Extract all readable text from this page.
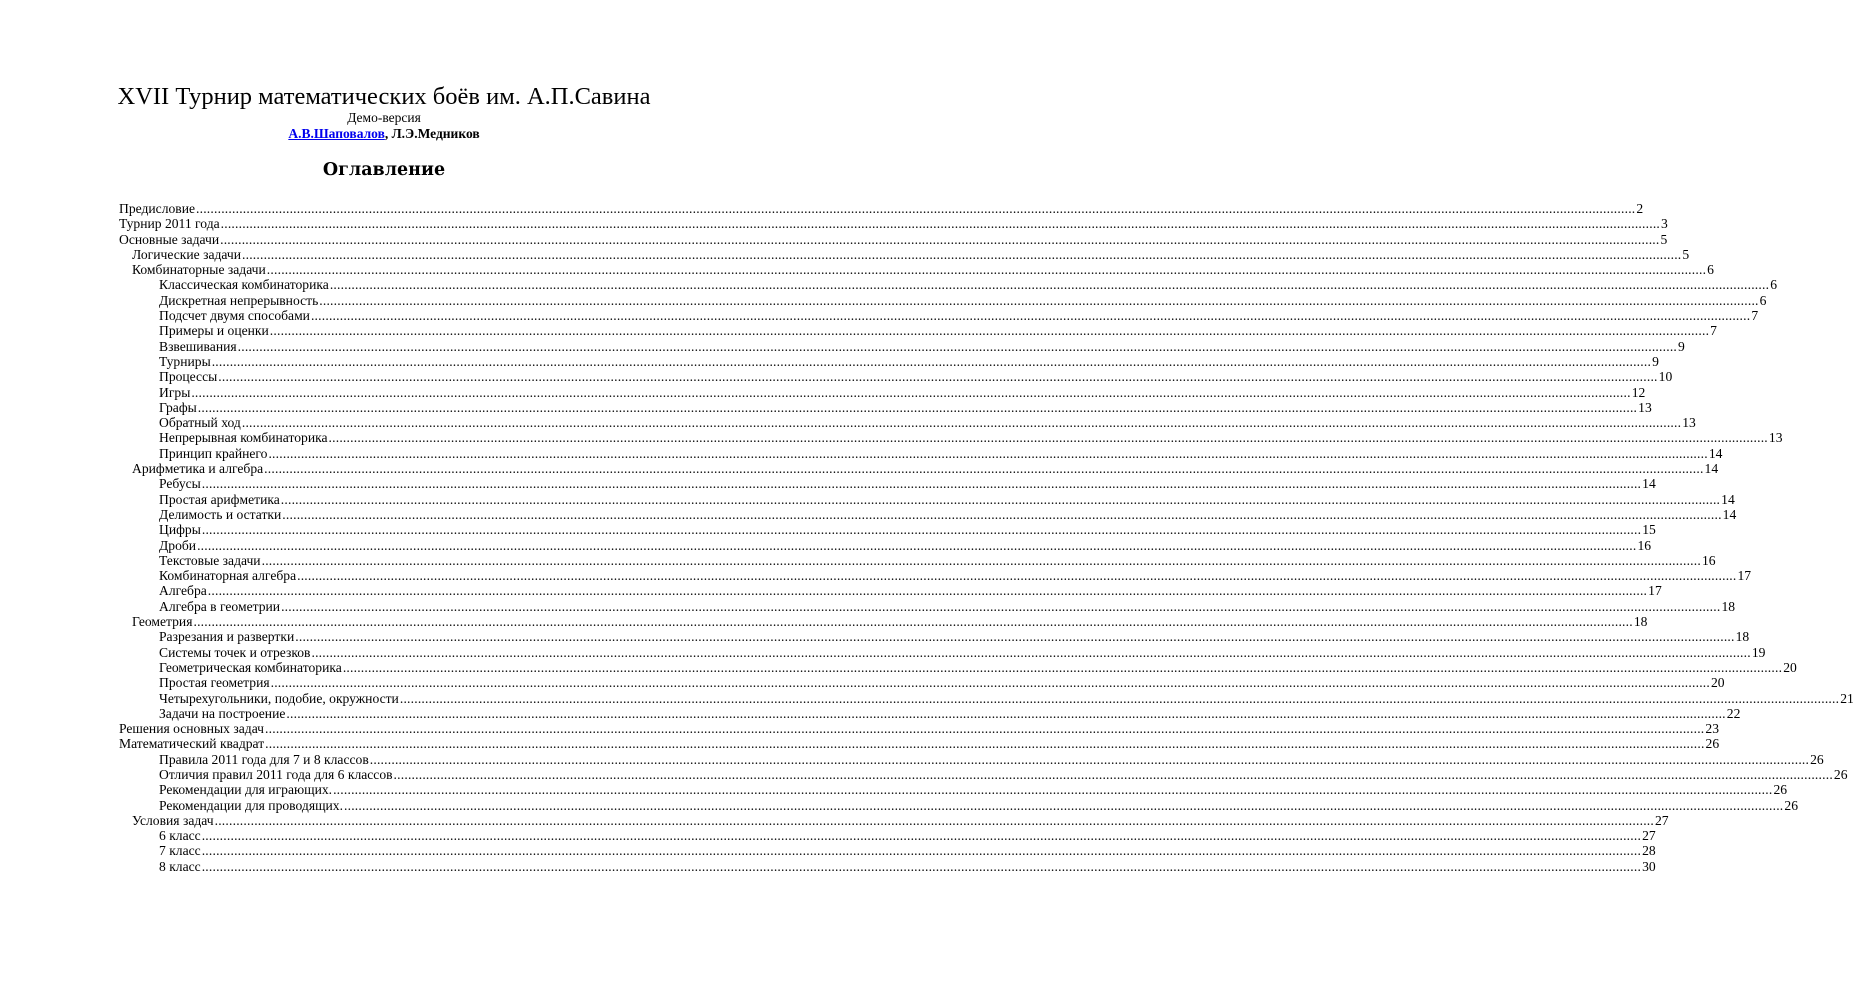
XVII Турнир математических боёв им. А.П.Савина
Демо-версия
А.В.Шаповалов, Л.Э.Медников
Оглавление
Предисловие ................................................................................................................................................................................................................................................................................................................................................................................................................ 2
Турнир 2011 года ................................................................................................................................................................................................................................................................................................................................................................................................................ 3
Основные задачи ................................................................................................................................................................................................................................................................................................................................................................................................................ 5
Логические задачи ................................................................................................................................................................................................................................................................................................................................................................................................................ 5
Комбинаторные задачи ................................................................................................................................................................................................................................................................................................................................................................................................................ 6
Классическая комбинаторика ................................................................................................................................................................................................................................................................................................................................................................................................................ 6
Дискретная непрерывность ................................................................................................................................................................................................................................................................................................................................................................................................................ 6
Подсчет двумя способами ................................................................................................................................................................................................................................................................................................................................................................................................................ 7
Примеры и оценки ................................................................................................................................................................................................................................................................................................................................................................................................................ 7
Взвешивания ................................................................................................................................................................................................................................................................................................................................................................................................................ 9
Турниры ................................................................................................................................................................................................................................................................................................................................................................................................................ 9
Процессы ................................................................................................................................................................................................................................................................................................................................................................................................................ 10
Игры ................................................................................................................................................................................................................................................................................................................................................................................................................ 12
Графы ................................................................................................................................................................................................................................................................................................................................................................................................................ 13
Обратный ход ................................................................................................................................................................................................................................................................................................................................................................................................................ 13
Непрерывная комбинаторика ................................................................................................................................................................................................................................................................................................................................................................................................................ 13
Принцип крайнего ................................................................................................................................................................................................................................................................................................................................................................................................................ 14
Арифметика и алгебра ................................................................................................................................................................................................................................................................................................................................................................................................................ 14
Ребусы ................................................................................................................................................................................................................................................................................................................................................................................................................ 14
Простая арифметика ................................................................................................................................................................................................................................................................................................................................................................................................................ 14
Делимость и остатки ................................................................................................................................................................................................................................................................................................................................................................................................................ 14
Цифры ................................................................................................................................................................................................................................................................................................................................................................................................................ 15
Дроби ................................................................................................................................................................................................................................................................................................................................................................................................................ 16
Текстовые задачи ................................................................................................................................................................................................................................................................................................................................................................................................................ 16
Комбинаторная алгебра ................................................................................................................................................................................................................................................................................................................................................................................................................ 17
Алгебра ................................................................................................................................................................................................................................................................................................................................................................................................................ 17
Алгебра в геометрии ................................................................................................................................................................................................................................................................................................................................................................................................................ 18
Геометрия ................................................................................................................................................................................................................................................................................................................................................................................................................ 18
Разрезания и развертки ................................................................................................................................................................................................................................................................................................................................................................................................................ 18
Системы точек и отрезков ................................................................................................................................................................................................................................................................................................................................................................................................................ 19
Геометрическая комбинаторика ................................................................................................................................................................................................................................................................................................................................................................................................................ 20
Простая геометрия ................................................................................................................................................................................................................................................................................................................................................................................................................ 20
Четырехугольники, подобие, окружности ................................................................................................................................................................................................................................................................................................................................................................................................................ 21
Задачи на построение ................................................................................................................................................................................................................................................................................................................................................................................................................ 22
Решения основных задач ................................................................................................................................................................................................................................................................................................................................................................................................................ 23
Математический квадрат ................................................................................................................................................................................................................................................................................................................................................................................................................ 26
Правила 2011 года для 7 и 8 классов ................................................................................................................................................................................................................................................................................................................................................................................................................ 26
Отличия правил 2011 года для 6 классов ................................................................................................................................................................................................................................................................................................................................................................................................................ 26
Рекомендации для играющих. ................................................................................................................................................................................................................................................................................................................................................................................................................ 26
Рекомендации для проводящих. ................................................................................................................................................................................................................................................................................................................................................................................................................ 26
Условия задач ................................................................................................................................................................................................................................................................................................................................................................................................................ 27
6 класс ................................................................................................................................................................................................................................................................................................................................................................................................................ 27
7 класс ................................................................................................................................................................................................................................................................................................................................................................................................................ 28
8 класс ................................................................................................................................................................................................................................................................................................................................................................................................................ 30
